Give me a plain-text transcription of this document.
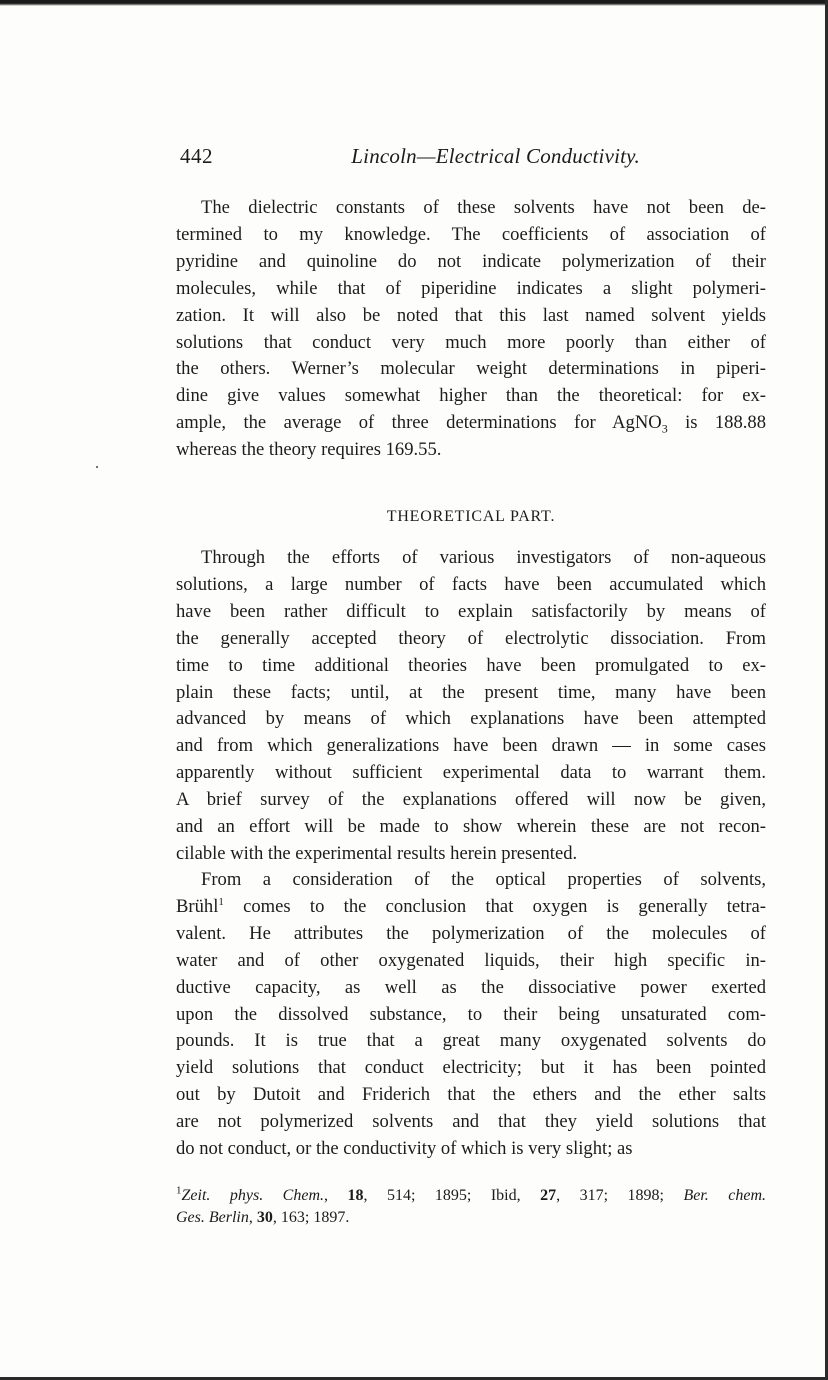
442	Lincoln—Electrical Conductivity.
The dielectric constants of these solvents have not been de-
termined to my knowledge. The coefficients of association of
pyridine and quinoline do not indicate polymerization of their
molecules, while that of piperidine indicates a slight polymeri-
zation. It will also be noted that this last named solvent yields
solutions that conduct very much more poorly than either of
the others. Werner’s molecular weight determinations in piperi-
dine give values somewhat higher than the theoretical: for ex-
ample, the average of three determinations for AgNO$_3$ is 188.88
whereas the theory requires 169.55.
THEORETICAL PART.
Through the efforts of various investigators of non-aqueous
solutions, a large number of facts have been accumulated which
have been rather difficult to explain satisfactorily by means of
the generally accepted theory of electrolytic dissociation. From
time to time additional theories have been promulgated to ex-
plain these facts; until, at the present time, many have been
advanced by means of which explanations have been attempted
and from which generalizations have been drawn — in some cases
apparently without sufficient experimental data to warrant them.
A brief survey of the explanations offered will now be given,
and an effort will be made to show wherein these are not recon-
cilable with the experimental results herein presented.
From a consideration of the optical properties of solvents,
Brühl$^1$ comes to the conclusion that oxygen is generally tetra-
valent. He attributes the polymerization of the molecules of
water and of other oxygenated liquids, their high specific in-
ductive capacity, as well as the dissociative power exerted
upon the dissolved substance, to their being unsaturated com-
pounds. It is true that a great many oxygenated solvents do
yield solutions that conduct electricity; but it has been pointed
out by Dutoit and Friderich that the ethers and the ether salts
are not polymerized solvents and that they yield solutions that
do not conduct, or the conductivity of which is very slight; as
$^1$Zeit. phys. Chem., 18, 514; 1895; Ibid, 27, 317; 1898; Ber. chem.
Ges. Berlin, 30, 163; 1897.
